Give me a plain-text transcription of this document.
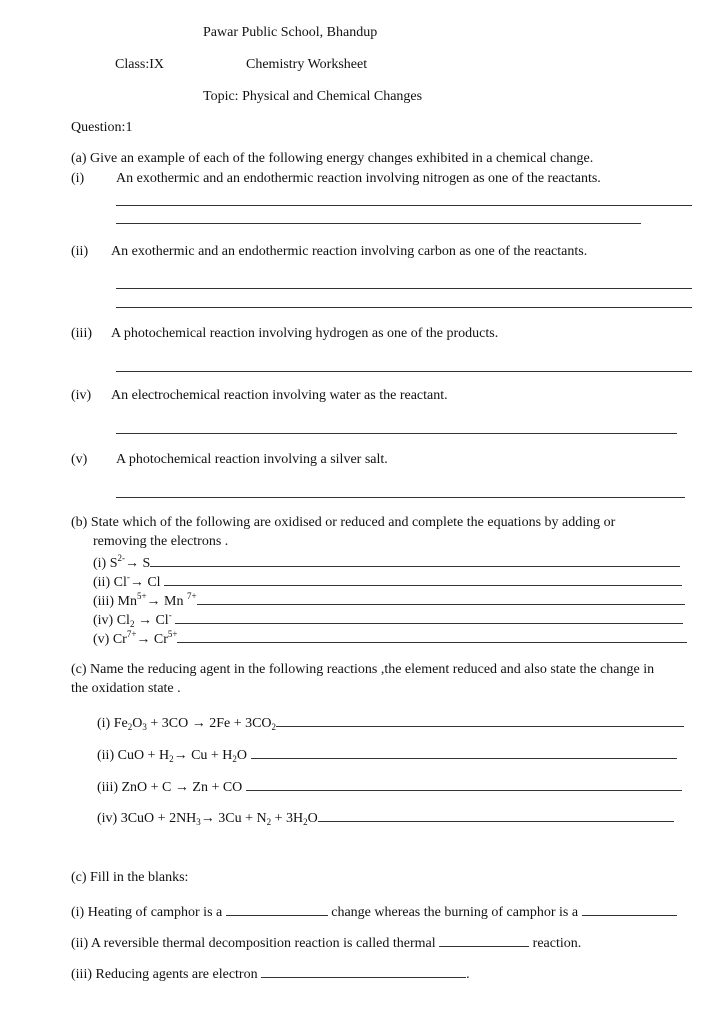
Pawar Public School, Bhandup
Class:IX	Chemistry Worksheet
Topic: Physical and Chemical Changes
Question:1
(a) Give an example of each of the following energy changes exhibited in a chemical change.
(i) An exothermic and an endothermic reaction involving nitrogen as one of the reactants.
(ii) An exothermic and an endothermic reaction involving carbon as one of the reactants.
(iii) A photochemical reaction involving hydrogen as one of the products.
(iv) An electrochemical reaction involving water as the reactant.
(v) A photochemical reaction involving a silver salt.
(b) State which of the following are oxidised or reduced and complete the equations by adding or
removing the electrons .
(i) $S^{2-}\to S$
(ii) Cl-→ Cl
(iii) $Mn^{5+}\to Mn$ $^{7+}$
(iv) $Cl_2 \to Cl^-$
(v) $Cr^{7+}\to Cr^{5+}$
(c) Name the reducing agent in the following reactions ,the element reduced and also state the change in
the oxidation state .
(i) $Fe_2O_3 + 3CO \to 2Fe + 3CO_2$
(ii) CuO + $H_2\to Cu + H_2O$
(iii) ZnO + C → Zn + CO
(iv) $3CuO + 2NH_3\to 3Cu + N_2 + 3H_2O$
(c) Fill in the blanks:
(i) Heating of camphor is a	change whereas the burning of camphor is a
(ii) A reversible thermal decomposition reaction is called thermal	reaction.
(iii) Reducing agents are electron	.
